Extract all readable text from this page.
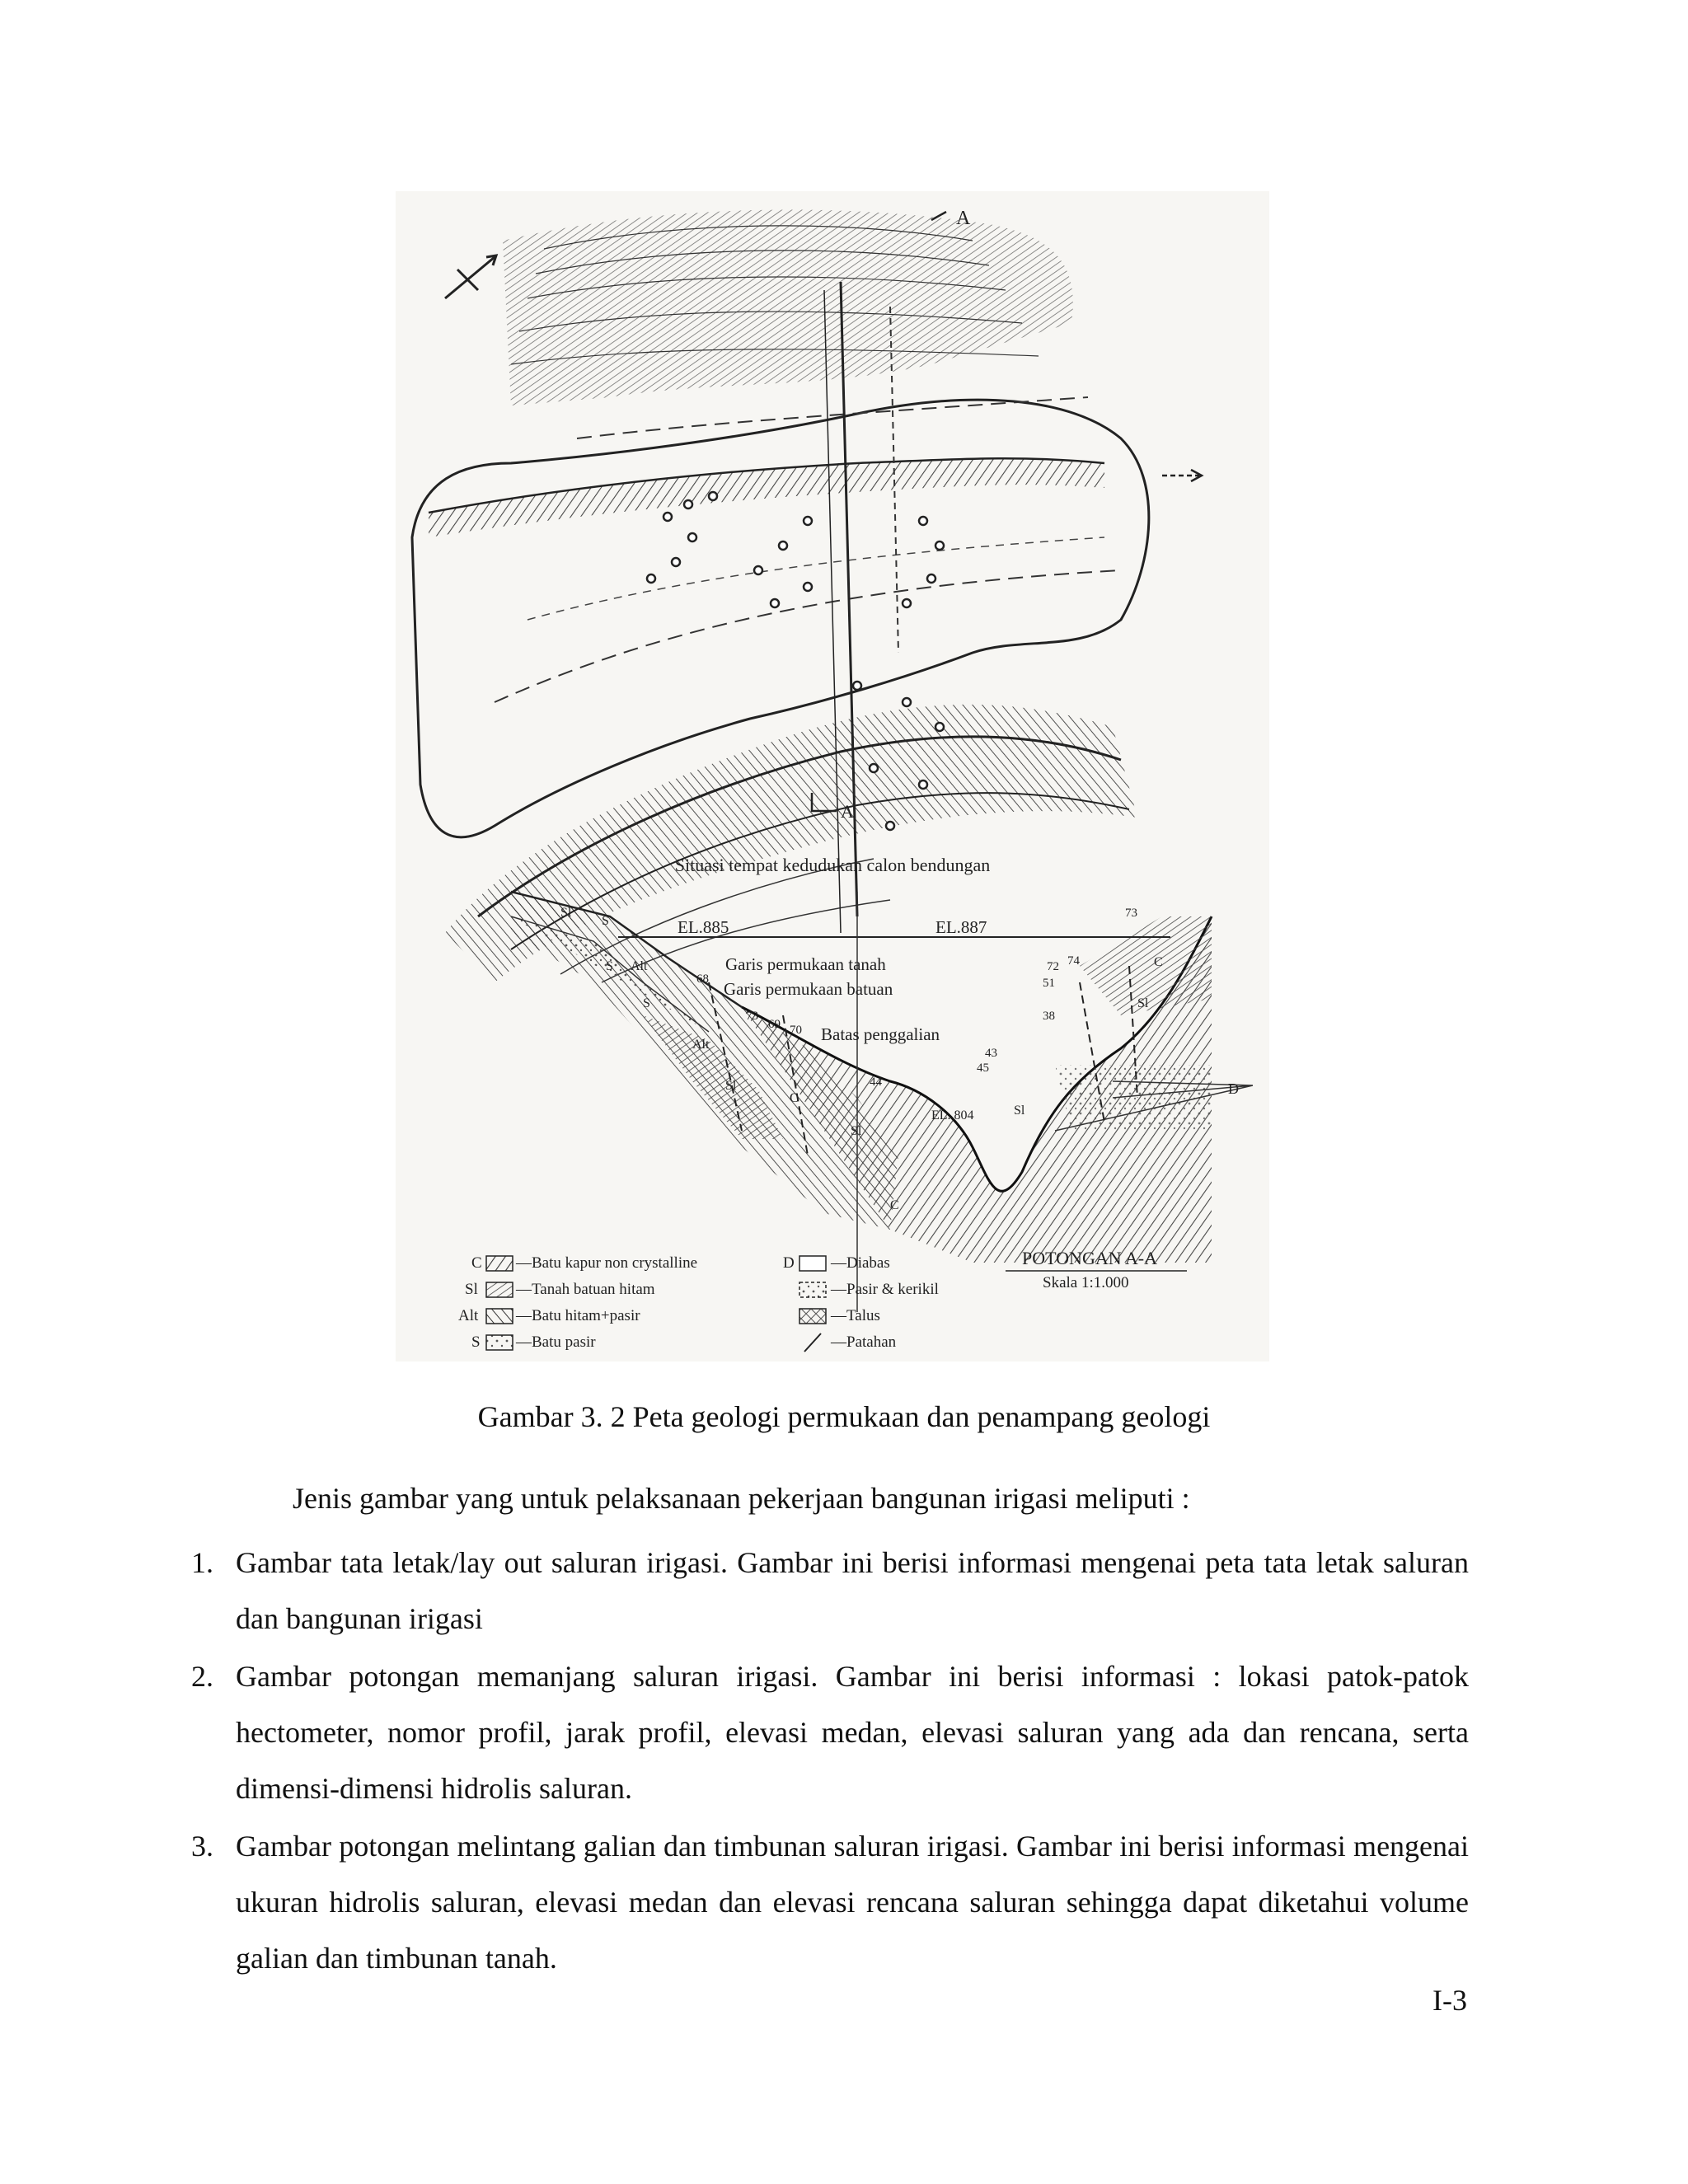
A
A
Situasi tempat kedudukan calon bendungan
EL.885	EL.887
EL. 804
Garis permukaan tanah
Garis permukaan batuan
Batas penggalian
D
Sl
S
S Alt
S
Alt
Sl
C
Sl
C
C
Sl
Sl
68
73
69 70
44
43
45
38
72 74
51
73
POTONGAN A-A
Skala 1:1.000
C —Batu kapur non crystalline
Sl —Tanah batuan hitam
Alt —Batu hitam+pasir
S —Batu pasir
D —Diabas
—Pasir & kerikil
—Talus
—Patahan
Gambar 3. 2 Peta geologi permukaan dan penampang geologi
Jenis gambar yang untuk pelaksanaan pekerjaan bangunan irigasi meliputi :
1. Gambar tata letak/lay out saluran irigasi. Gambar ini berisi informasi mengenai peta tata letak saluran dan bangunan irigasi
2. Gambar potongan memanjang saluran irigasi. Gambar ini berisi informasi : lokasi patok-patok hectometer, nomor profil, jarak profil, elevasi medan, elevasi saluran yang ada dan rencana, serta dimensi-dimensi hidrolis saluran.
3. Gambar potongan melintang galian dan timbunan saluran irigasi. Gambar ini berisi informasi mengenai ukuran hidrolis saluran, elevasi medan dan elevasi rencana saluran sehingga dapat diketahui volume galian dan timbunan tanah.
I-3
